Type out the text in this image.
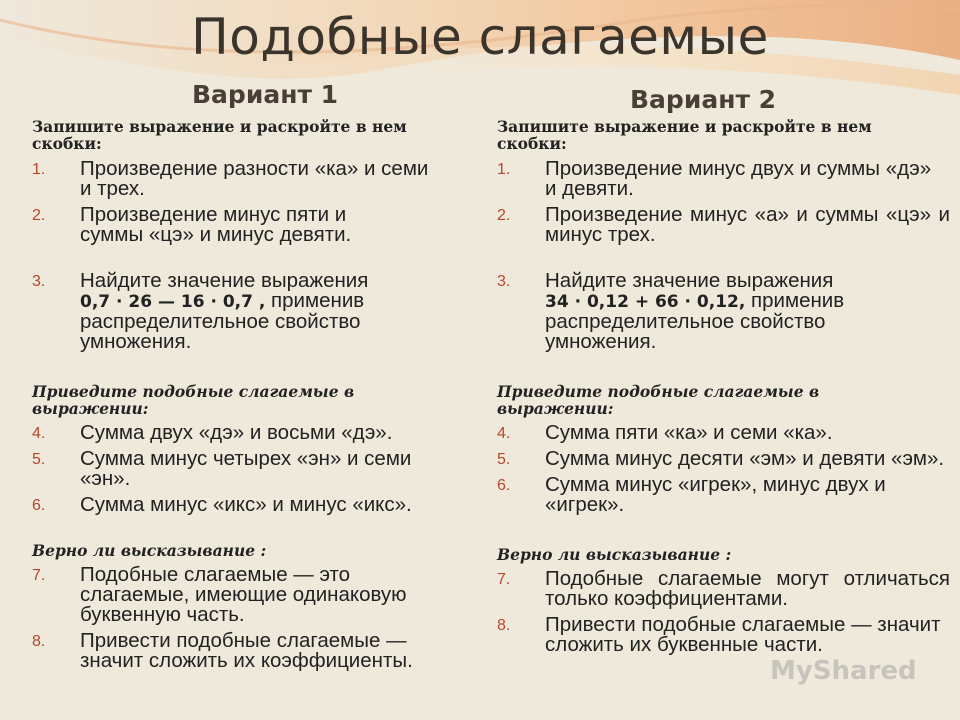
Подобные слагаемые
Вариант 1	Вариант 2
Запишите выражение и раскройте в нем скобки:
1. Произведение разности «ка» и семи и трех.
2. Произведение минус пяти и суммы «цэ» и минус девяти.
3. Найдите значение выражения
0,7 · 26 — 16 · 0,7 , применив распределительное свойство умножения.
Приведите подобные слагаемые в выражении:
4. Сумма двух «дэ» и восьми «дэ».
5. Сумма минус четырех «эн» и семи «эн».
6. Сумма минус «икс» и минус «икс».
Верно ли высказывание :
7. Подобные слагаемые — это слагаемые, имеющие одинаковую буквенную часть.
8. Привести подобные слагаемые — значит сложить их коэффициенты.
Запишите выражение и раскройте в нем скобки:
1. Произведение минус двух и суммы «дэ» и девяти.
2. Произведение минус «а» и суммы «цэ» и минус трех.
3. Найдите значение выражения
34 · 0,12 + 66 · 0,12, применив распределительное свойство умножения.
Приведите подобные слагаемые в выражении:
4. Сумма пяти «ка» и семи «ка».
5. Сумма минус десяти «эм» и девяти «эм».
6. Сумма минус «игрек», минус двух и «игрек».
Верно ли высказывание :
7. Подобные слагаемые могут отличаться только коэффициентами.
8. Привести подобные слагаемые — значит сложить их буквенные части.
MyShared
